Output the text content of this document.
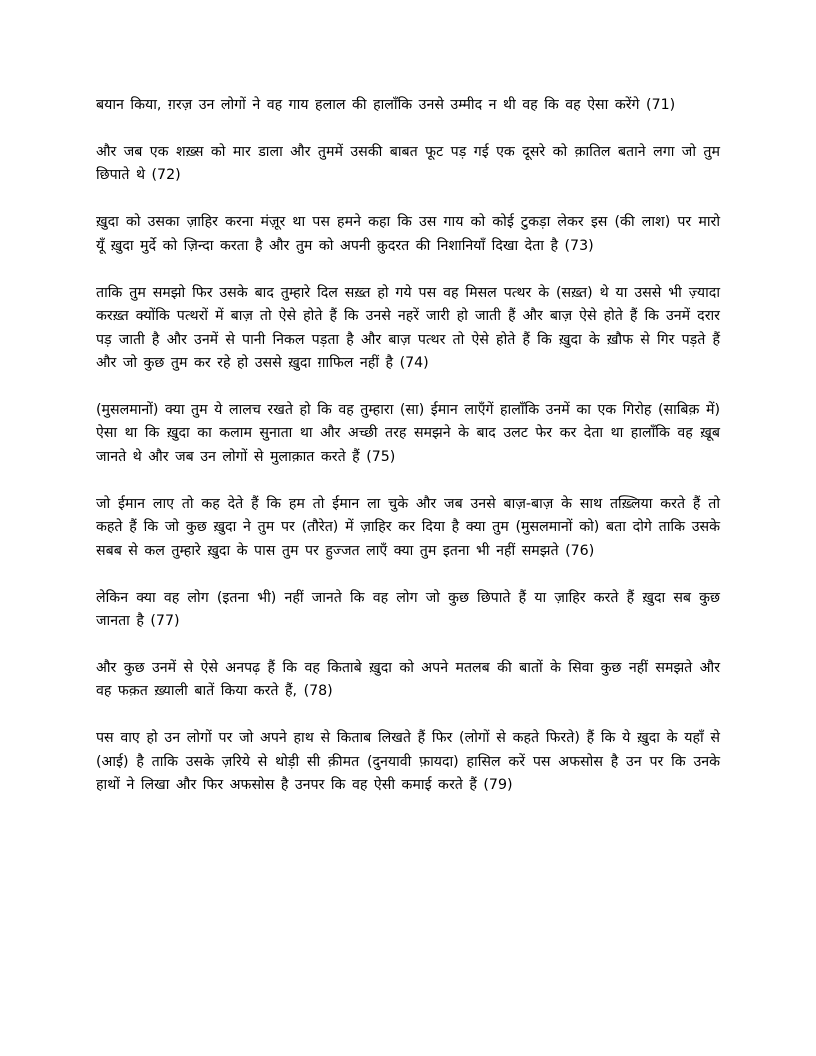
बयान किया, ग़रज़ उन लोगों ने वह गाय हलाल की हालाँकि उनसे उम्मीद न थी वह कि वह ऐसा करेंगे (71)

और जब एक शख़्स को मार डाला और तुममें उसकी बाबत फूट पड़ गई एक दूसरे को क़ातिल बताने लगा जो तुम छिपाते थे (72)

ख़ुदा को उसका ज़ाहिर करना मंज़ूर था पस हमने कहा कि उस गाय को कोई टुकड़ा लेकर इस (की लाश) पर मारो यूँ ख़ुदा मुर्दे को ज़िन्दा करता है और तुम को अपनी क़ुदरत की निशानियाँ दिखा देता है (73)

ताकि तुम समझो फिर उसके बाद तुम्हारे दिल सख़्त हो गये पस वह मिसल पत्थर के (सख़्त) थे या उससे भी ज़्यादा करख़्त क्योंकि पत्थरों में बाज़ तो ऐसे होते हैं कि उनसे नहरें जारी हो जाती हैं और बाज़ ऐसे होते हैं कि उनमें दरार पड़ जाती है और उनमें से पानी निकल पड़ता है और बाज़ पत्थर तो ऐसे होते हैं कि ख़ुदा के ख़ौफ से गिर पड़ते हैं और जो कुछ तुम कर रहे हो उससे ख़ुदा ग़ाफिल नहीं है (74)

(मुसलमानों) क्या तुम ये लालच रखते हो कि वह तुम्हारा (सा) ईमान लाएँगें हालाँकि उनमें का एक गिरोह (साबिक़ में) ऐसा था कि ख़ुदा का कलाम सुनाता था और अच्छी तरह समझने के बाद उलट फेर कर देता था हालाँकि वह ख़ूब जानते थे और जब उन लोगों से मुलाक़ात करते हैं (75)

जो ईमान लाए तो कह देते हैं कि हम तो ईमान ला चुके और जब उनसे बाज़-बाज़ के साथ तख़्लिया करते हैं तो कहते हैं कि जो कुछ ख़ुदा ने तुम पर (तौरेत) में ज़ाहिर कर दिया है क्या तुम (मुसलमानों को) बता दोगे ताकि उसके सबब से कल तुम्हारे ख़ुदा के पास तुम पर हुज्जत लाएँ क्या तुम इतना भी नहीं समझते (76)

लेकिन क्या वह लोग (इतना भी) नहीं जानते कि वह लोग जो कुछ छिपाते हैं या ज़ाहिर करते हैं ख़ुदा सब कुछ जानता है (77)

और कुछ उनमें से ऐसे अनपढ़ हैं कि वह किताबे ख़ुदा को अपने मतलब की बातों के सिवा कुछ नहीं समझते और वह फक़त ख़्याली बातें किया करते हैं, (78)

पस वाए हो उन लोगों पर जो अपने हाथ से किताब लिखते हैं फिर (लोगों से कहते फिरते) हैं कि ये ख़ुदा के यहाँ से (आई) है ताकि उसके ज़रिये से थोड़ी सी क़ीमत (दुनयावी फ़ायदा) हासिल करें पस अफसोस है उन पर कि उनके हाथों ने लिखा और फिर अफसोस है उनपर कि वह ऐसी कमाई करते हैं (79)
